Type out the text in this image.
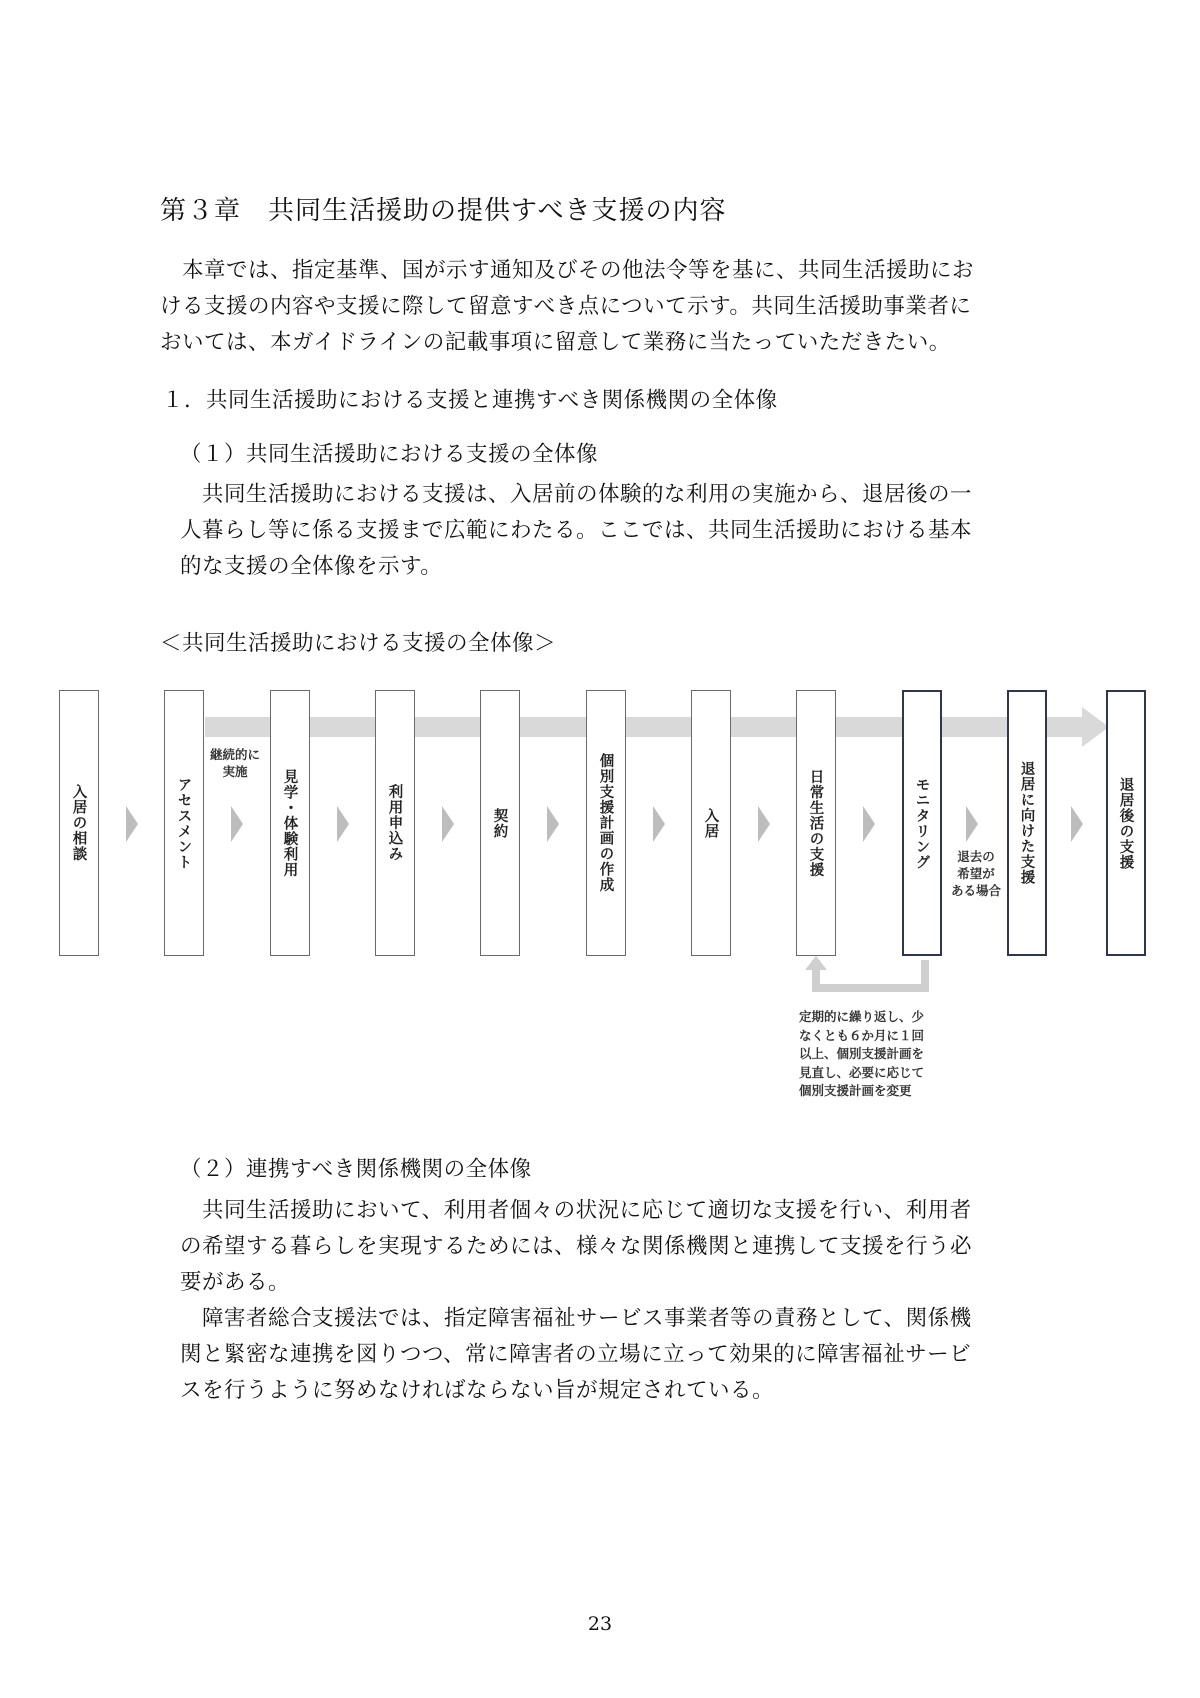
第３章　共同生活援助の提供すべき支援の内容
本章では、指定基準、国が示す通知及びその他法令等を基に、共同生活援助にお
ける支援の内容や支援に際して留意すべき点について示す。共同生活援助事業者に
おいては、本ガイドラインの記載事項に留意して業務に当たっていただきたい。
１．共同生活援助における支援と連携すべき関係機関の全体像
（１）共同生活援助における支援の全体像
共同生活援助における支援は、入居前の体験的な利用の実施から、退居後の一
人暮らし等に係る支援まで広範にわたる。ここでは、共同生活援助における基本
的な支援の全体像を示す。
＜共同生活援助における支援の全体像＞
入居の相談	アセスメント	見学・体験利用	利用申込み	契約	個別支援計画の作成	入居	日常生活の支援	モニタリング	退居に向けた支援	退居後の支援
継続的に
実施
退去の
希望が
ある場合
定期的に繰り返し、少
なくとも６か月に１回
以上、個別支援計画を
見直し、必要に応じて
個別支援計画を変更
（２）連携すべき関係機関の全体像
共同生活援助において、利用者個々の状況に応じて適切な支援を行い、利用者
の希望する暮らしを実現するためには、様々な関係機関と連携して支援を行う必
要がある。
障害者総合支援法では、指定障害福祉サービス事業者等の責務として、関係機
関と緊密な連携を図りつつ、常に障害者の立場に立って効果的に障害福祉サービ
スを行うように努めなければならない旨が規定されている。
23
